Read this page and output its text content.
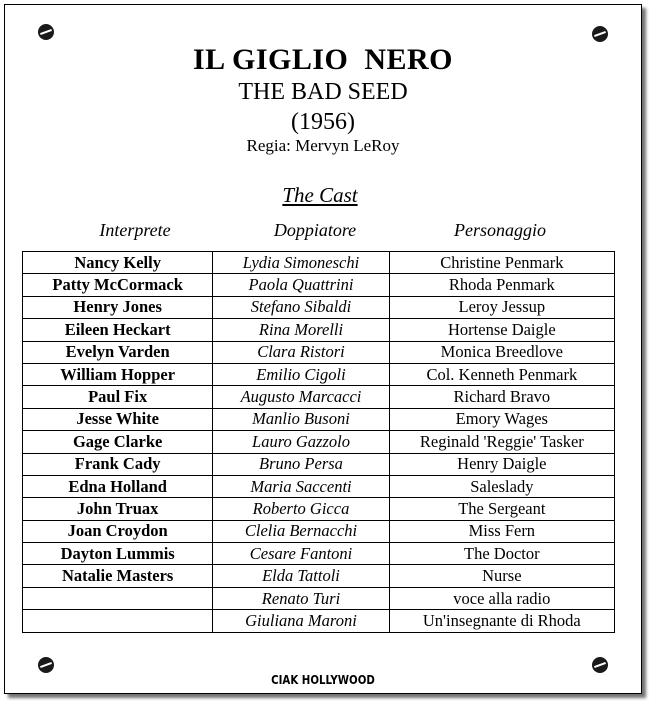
IL GIGLIO  NERO
THE BAD SEED
(1956)
Regia: Mervyn LeRoy
The Cast
Interprete	Doppiatore	Personaggio
Nancy Kelly	Lydia Simoneschi	Christine Penmark
Patty McCormack	Paola Quattrini	Rhoda Penmark
Henry Jones	Stefano Sibaldi	Leroy Jessup
Eileen Heckart	Rina Morelli	Hortense Daigle
Evelyn Varden	Clara Ristori	Monica Breedlove
William Hopper	Emilio Cigoli	Col. Kenneth Penmark
Paul Fix	Augusto Marcacci	Richard Bravo
Jesse White	Manlio Busoni	Emory Wages
Gage Clarke	Lauro Gazzolo	Reginald 'Reggie' Tasker
Frank Cady	Bruno Persa	Henry Daigle
Edna Holland	Maria Saccenti	Saleslady
John Truax	Roberto Gicca	The Sergeant
Joan Croydon	Clelia Bernacchi	Miss Fern
Dayton Lummis	Cesare Fantoni	The Doctor
Natalie Masters	Elda Tattoli	Nurse
	Renato Turi	voce alla radio
	Giuliana Maroni	Un'insegnante di Rhoda
CIAK HOLLYWOOD
